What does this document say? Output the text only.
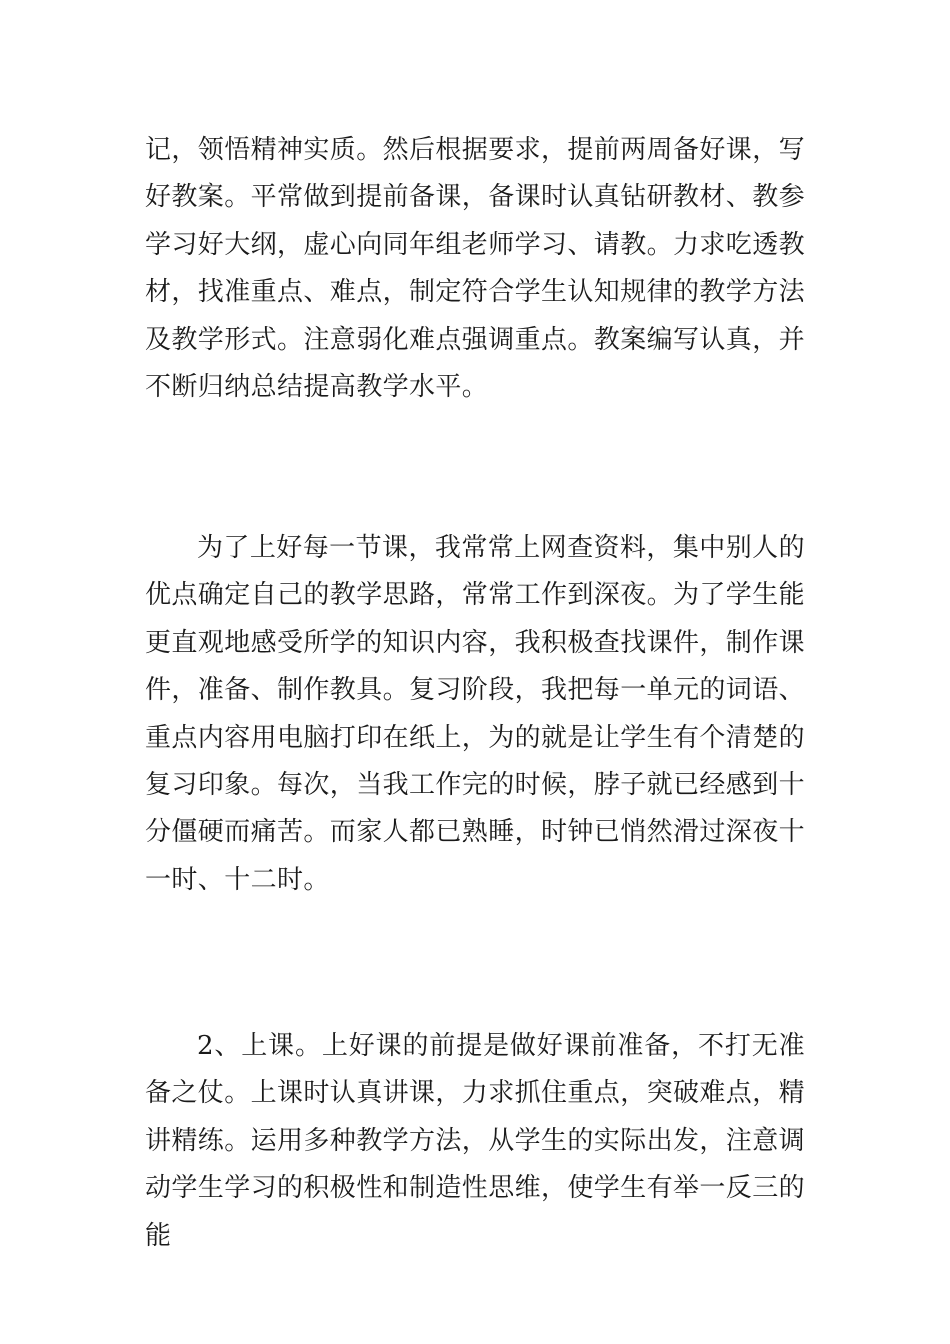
记，领悟精神实质。然后根据要求，提前两周备好课，写好教案。平常做到提前备课，备课时认真钻研教材、教参学习好大纲，虚心向同年组老师学习、请教。力求吃透教材，找准重点、难点，制定符合学生认知规律的教学方法及教学形式。注意弱化难点强调重点。教案编写认真，并不断归纳总结提高教学水平。

为了上好每一节课，我常常上网查资料，集中别人的优点确定自己的教学思路，常常工作到深夜。为了学生能更直观地感受所学的知识内容，我积极查找课件，制作课件，准备、制作教具。复习阶段，我把每一单元的词语、重点内容用电脑打印在纸上，为的就是让学生有个清楚的复习印象。每次，当我工作完的时候，脖子就已经感到十分僵硬而痛苦。而家人都已熟睡，时钟已悄然滑过深夜十一时、十二时。

2、上课。上好课的前提是做好课前准备，不打无准备之仗。上课时认真讲课，力求抓住重点，突破难点，精讲精练。运用多种教学方法，从学生的实际出发，注意调动学生学习的积极性和制造性思维，使学生有举一反三的能
